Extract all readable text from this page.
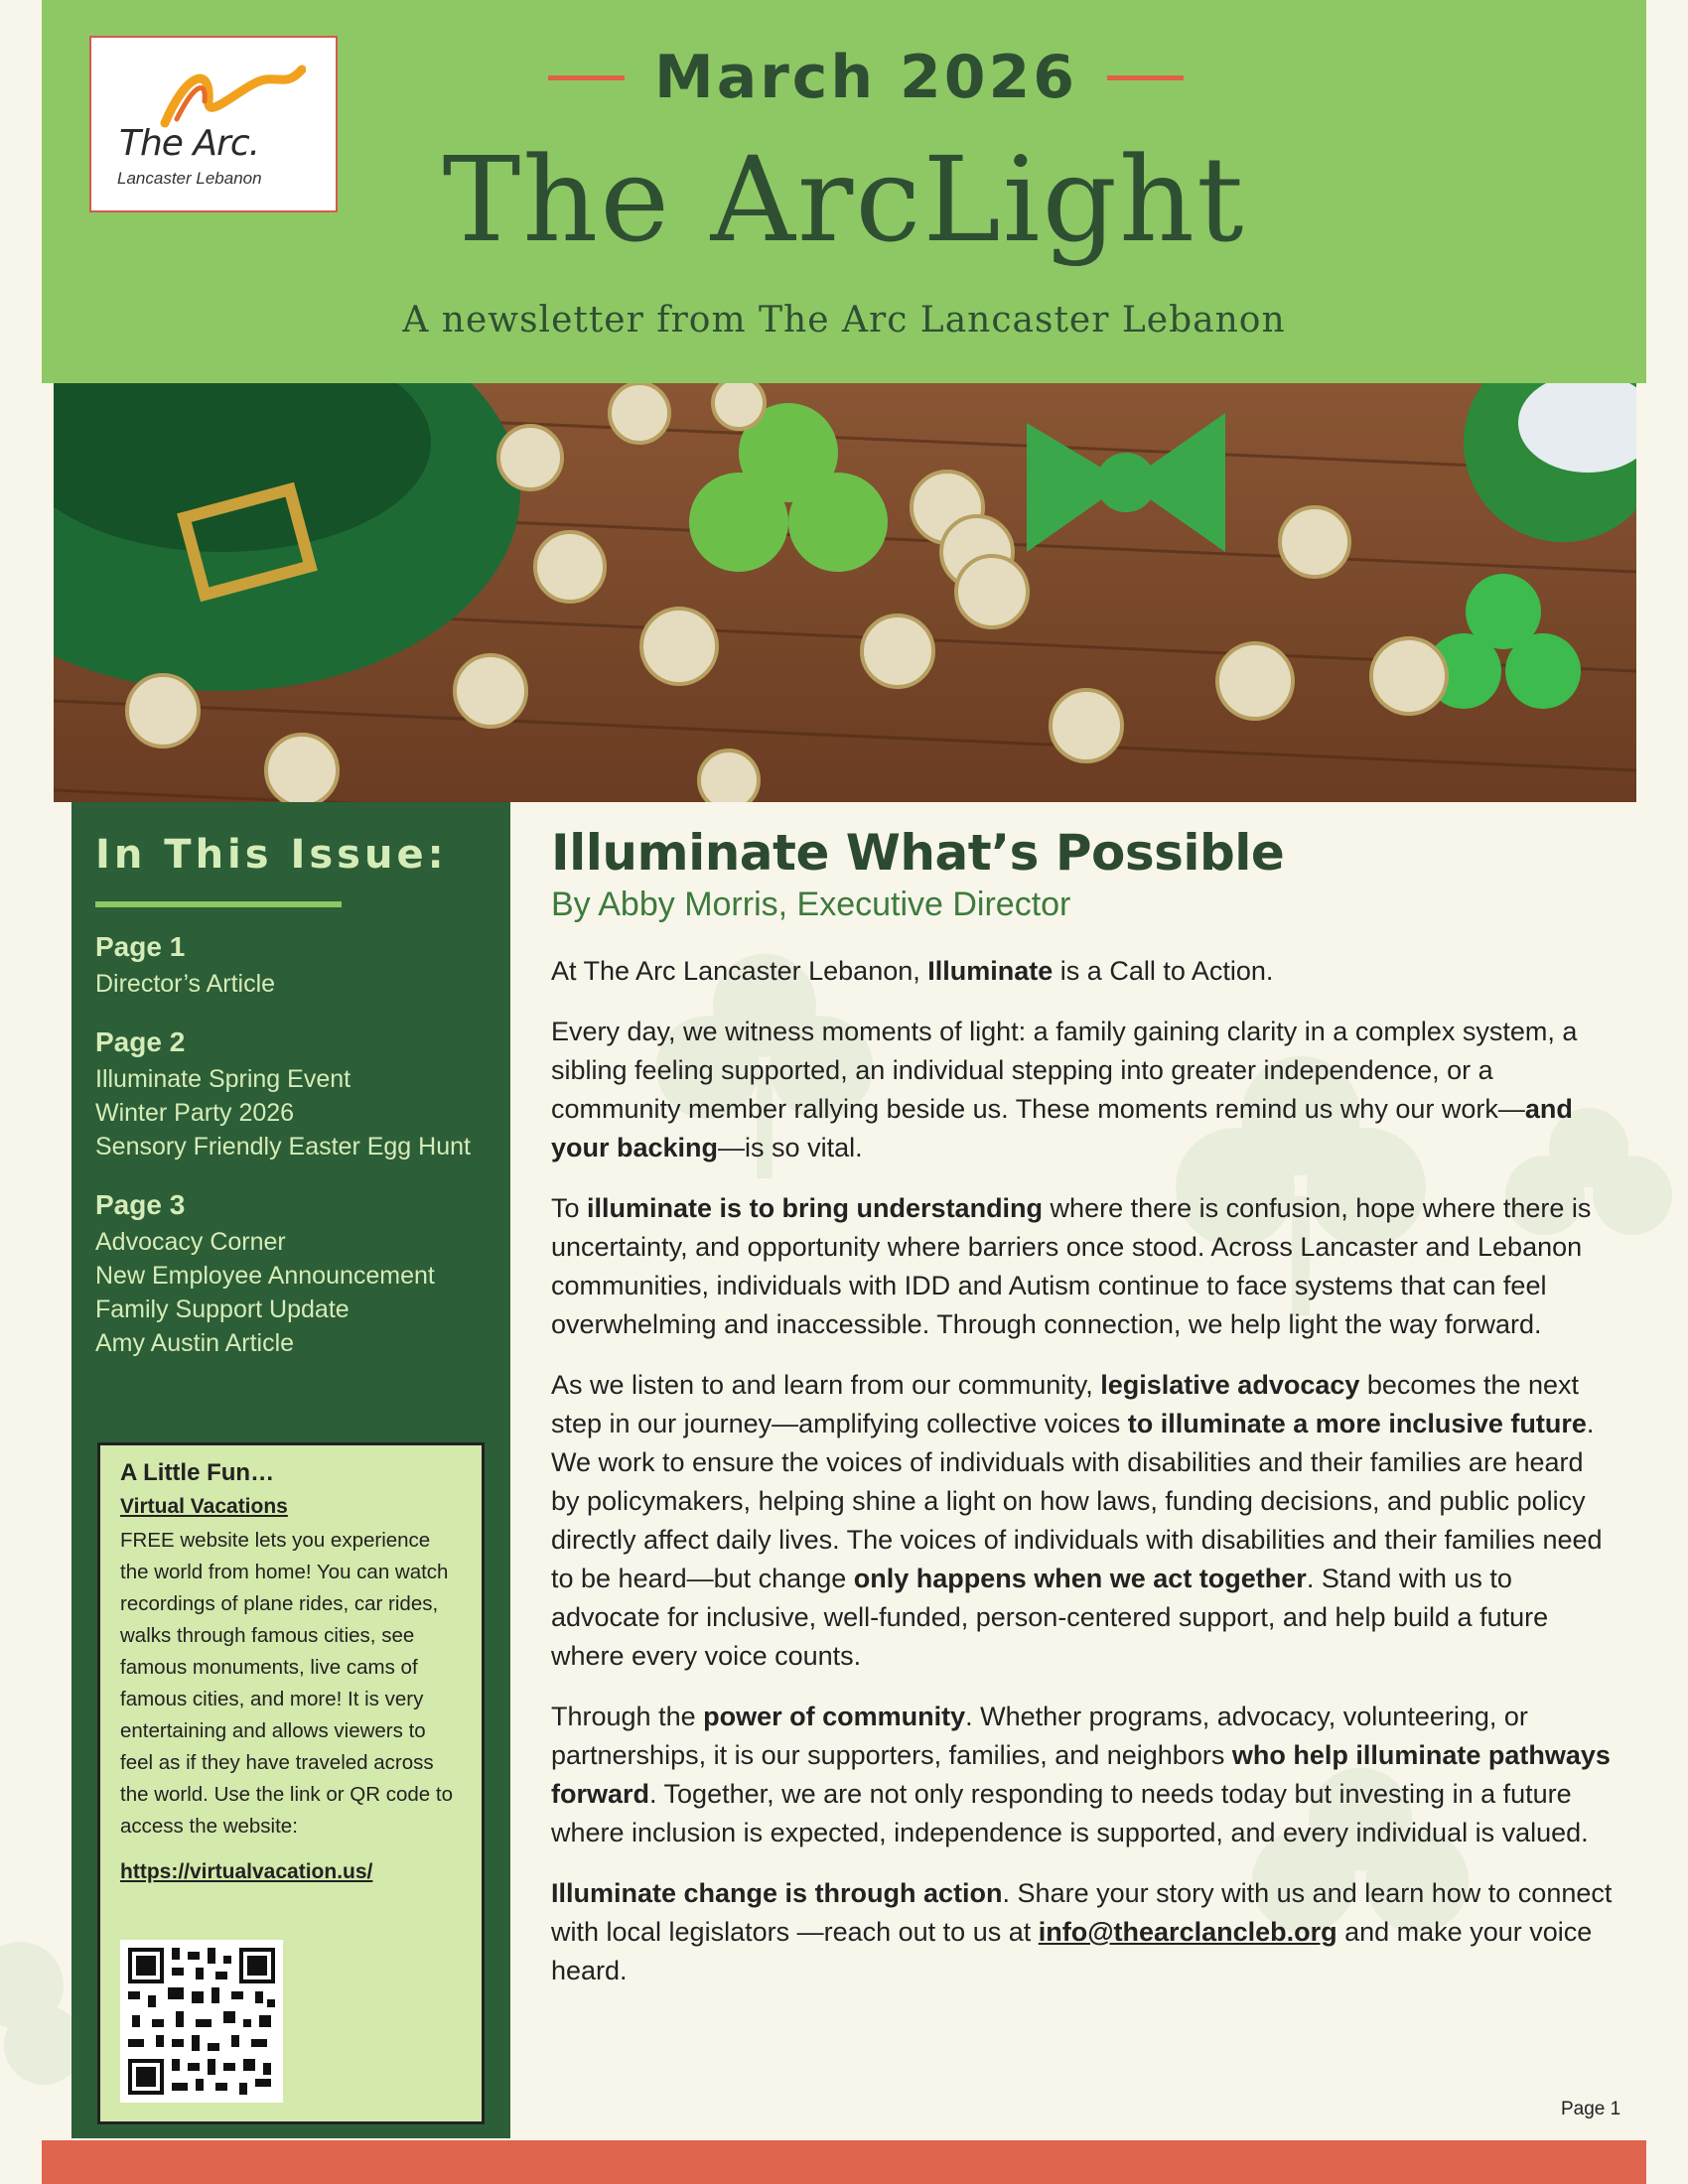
The Arc.
Lancaster Lebanon
March 2026
The ArcLight
A newsletter from The Arc Lancaster Lebanon
In This Issue:
Page 1
Director’s Article
Page 2
Illuminate Spring Event
Winter Party 2026
Sensory Friendly Easter Egg Hunt
Page 3
Advocacy Corner
New Employee Announcement
Family Support Update
Amy Austin Article
A Little Fun…
Virtual Vacations
FREE website lets you experience the world from home! You can watch recordings of plane rides, car rides, walks through famous cities, see famous monuments, live cams of famous cities, and more! It is very entertaining and allows viewers to feel as if they have traveled across the world. Use the link or QR code to access the website:
https://virtualvacation.us/
Illuminate What’s Possible
By Abby Morris, Executive Director

At The Arc Lancaster Lebanon, Illuminate is a Call to Action.

Every day, we witness moments of light: a family gaining clarity in a complex system, a sibling feeling supported, an individual stepping into greater independence, or a community member rallying beside us. These moments remind us why our work—and your backing—is so vital.

To illuminate is to bring understanding where there is confusion, hope where there is uncertainty, and opportunity where barriers once stood. Across Lancaster and Lebanon communities, individuals with IDD and Autism continue to face systems that can feel overwhelming and inaccessible. Through connection, we help light the way forward.

As we listen to and learn from our community, legislative advocacy becomes the next step in our journey—amplifying collective voices to illuminate a more inclusive future. We work to ensure the voices of individuals with disabilities and their families are heard by policymakers, helping shine a light on how laws, funding decisions, and public policy directly affect daily lives. The voices of individuals with disabilities and their families need to be heard—but change only happens when we act together. Stand with us to advocate for inclusive, well-funded, person-centered support, and help build a future where every voice counts.

Through the power of community. Whether programs, advocacy, volunteering, or partnerships, it is our supporters, families, and neighbors who help illuminate pathways forward. Together, we are not only responding to needs today but investing in a future where inclusion is expected, independence is supported, and every individual is valued.

Illuminate change is through action. Share your story with us and learn how to connect with local legislators —reach out to us at info@thearclancleb.org and make your voice heard.

Page 1
